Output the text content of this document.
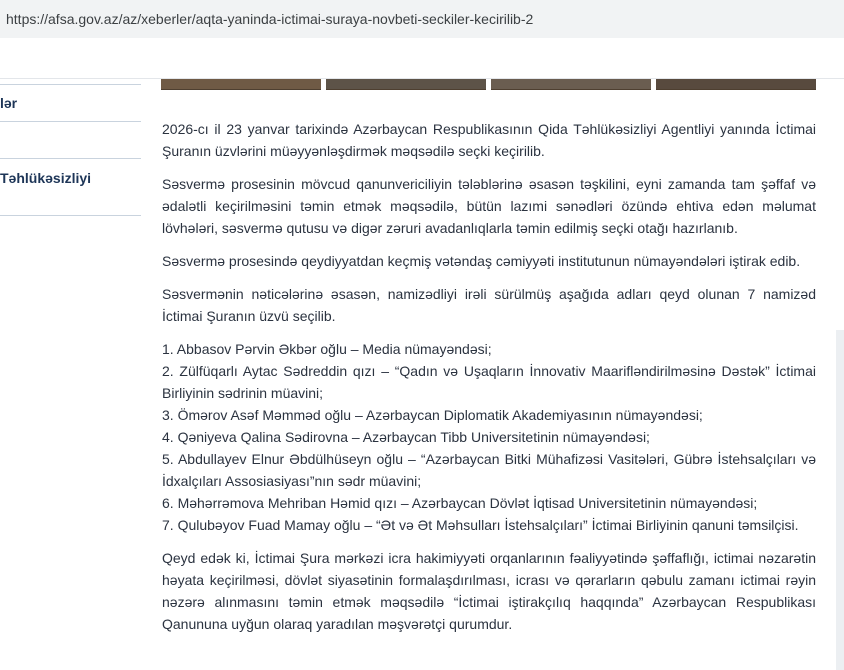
https://afsa.gov.az/az/xeberler/aqta-yaninda-ictimai-suraya-novbeti-seckiler-kecirilib-2
lər
Təhlükəsizliyi

2026-cı il 23 yanvar tarixində Azərbaycan Respublikasının Qida Təhlükəsizliyi Agentliyi yanında İctimai Şuranın üzvlərini müəyyənləşdirmək məqsədilə seçki keçirilib.

Səsvermə prosesinin mövcud qanunvericiliyin tələblərinə əsasən təşkilini, eyni zamanda tam şəffaf və ədalətli keçirilməsini təmin etmək məqsədilə, bütün lazımi sənədləri özündə ehtiva edən məlumat lövhələri, səsvermə qutusu və digər zəruri avadanlıqlarla təmin edilmiş seçki otağı hazırlanıb.

Səsvermə prosesində qeydiyyatdan keçmiş vətəndaş cəmiyyəti institutunun nümayəndələri iştirak edib.

Səsvermənin nəticələrinə əsasən, namizədliyi irəli sürülmüş aşağıda adları qeyd olunan 7 namizəd İctimai Şuranın üzvü seçilib.

1. Abbasov Pərvin Əkbər oğlu – Media nümayəndəsi;
2. Zülfüqarlı Aytac Sədreddin qızı – “Qadın və Uşaqların İnnovativ Maarifləndirilməsinə Dəstək” İctimai Birliyinin sədrinin müavini;
3. Ömərov Asəf Məmməd oğlu – Azərbaycan Diplomatik Akademiyasının nümayəndəsi;
4. Qəniyeva Qalina Sədirovna – Azərbaycan Tibb Universitetinin nümayəndəsi;
5. Abdullayev Elnur Əbdülhüseyn oğlu – “Azərbaycan Bitki Mühafizəsi Vasitələri, Gübrə İstehsalçıları və İdxalçıları Assosiasiyası”nın sədr müavini;
6. Məhərrəmova Mehriban Həmid qızı – Azərbaycan Dövlət İqtisad Universitetinin nümayəndəsi;
7. Qulubəyov Fuad Mamay oğlu – “Ət və Ət Məhsulları İstehsalçıları” İctimai Birliyinin qanuni təmsilçisi.

Qeyd edək ki, İctimai Şura mərkəzi icra hakimiyyəti orqanlarının fəaliyyətində şəffaflığı, ictimai nəzarətin həyata keçirilməsi, dövlət siyasətinin formalaşdırılması, icrası və qərarların qəbulu zamanı ictimai rəyin nəzərə alınmasını təmin etmək məqsədilə “İctimai iştirakçılıq haqqında” Azərbaycan Respublikası Qanununa uyğun olaraq yaradılan məşvərətçi qurumdur.
